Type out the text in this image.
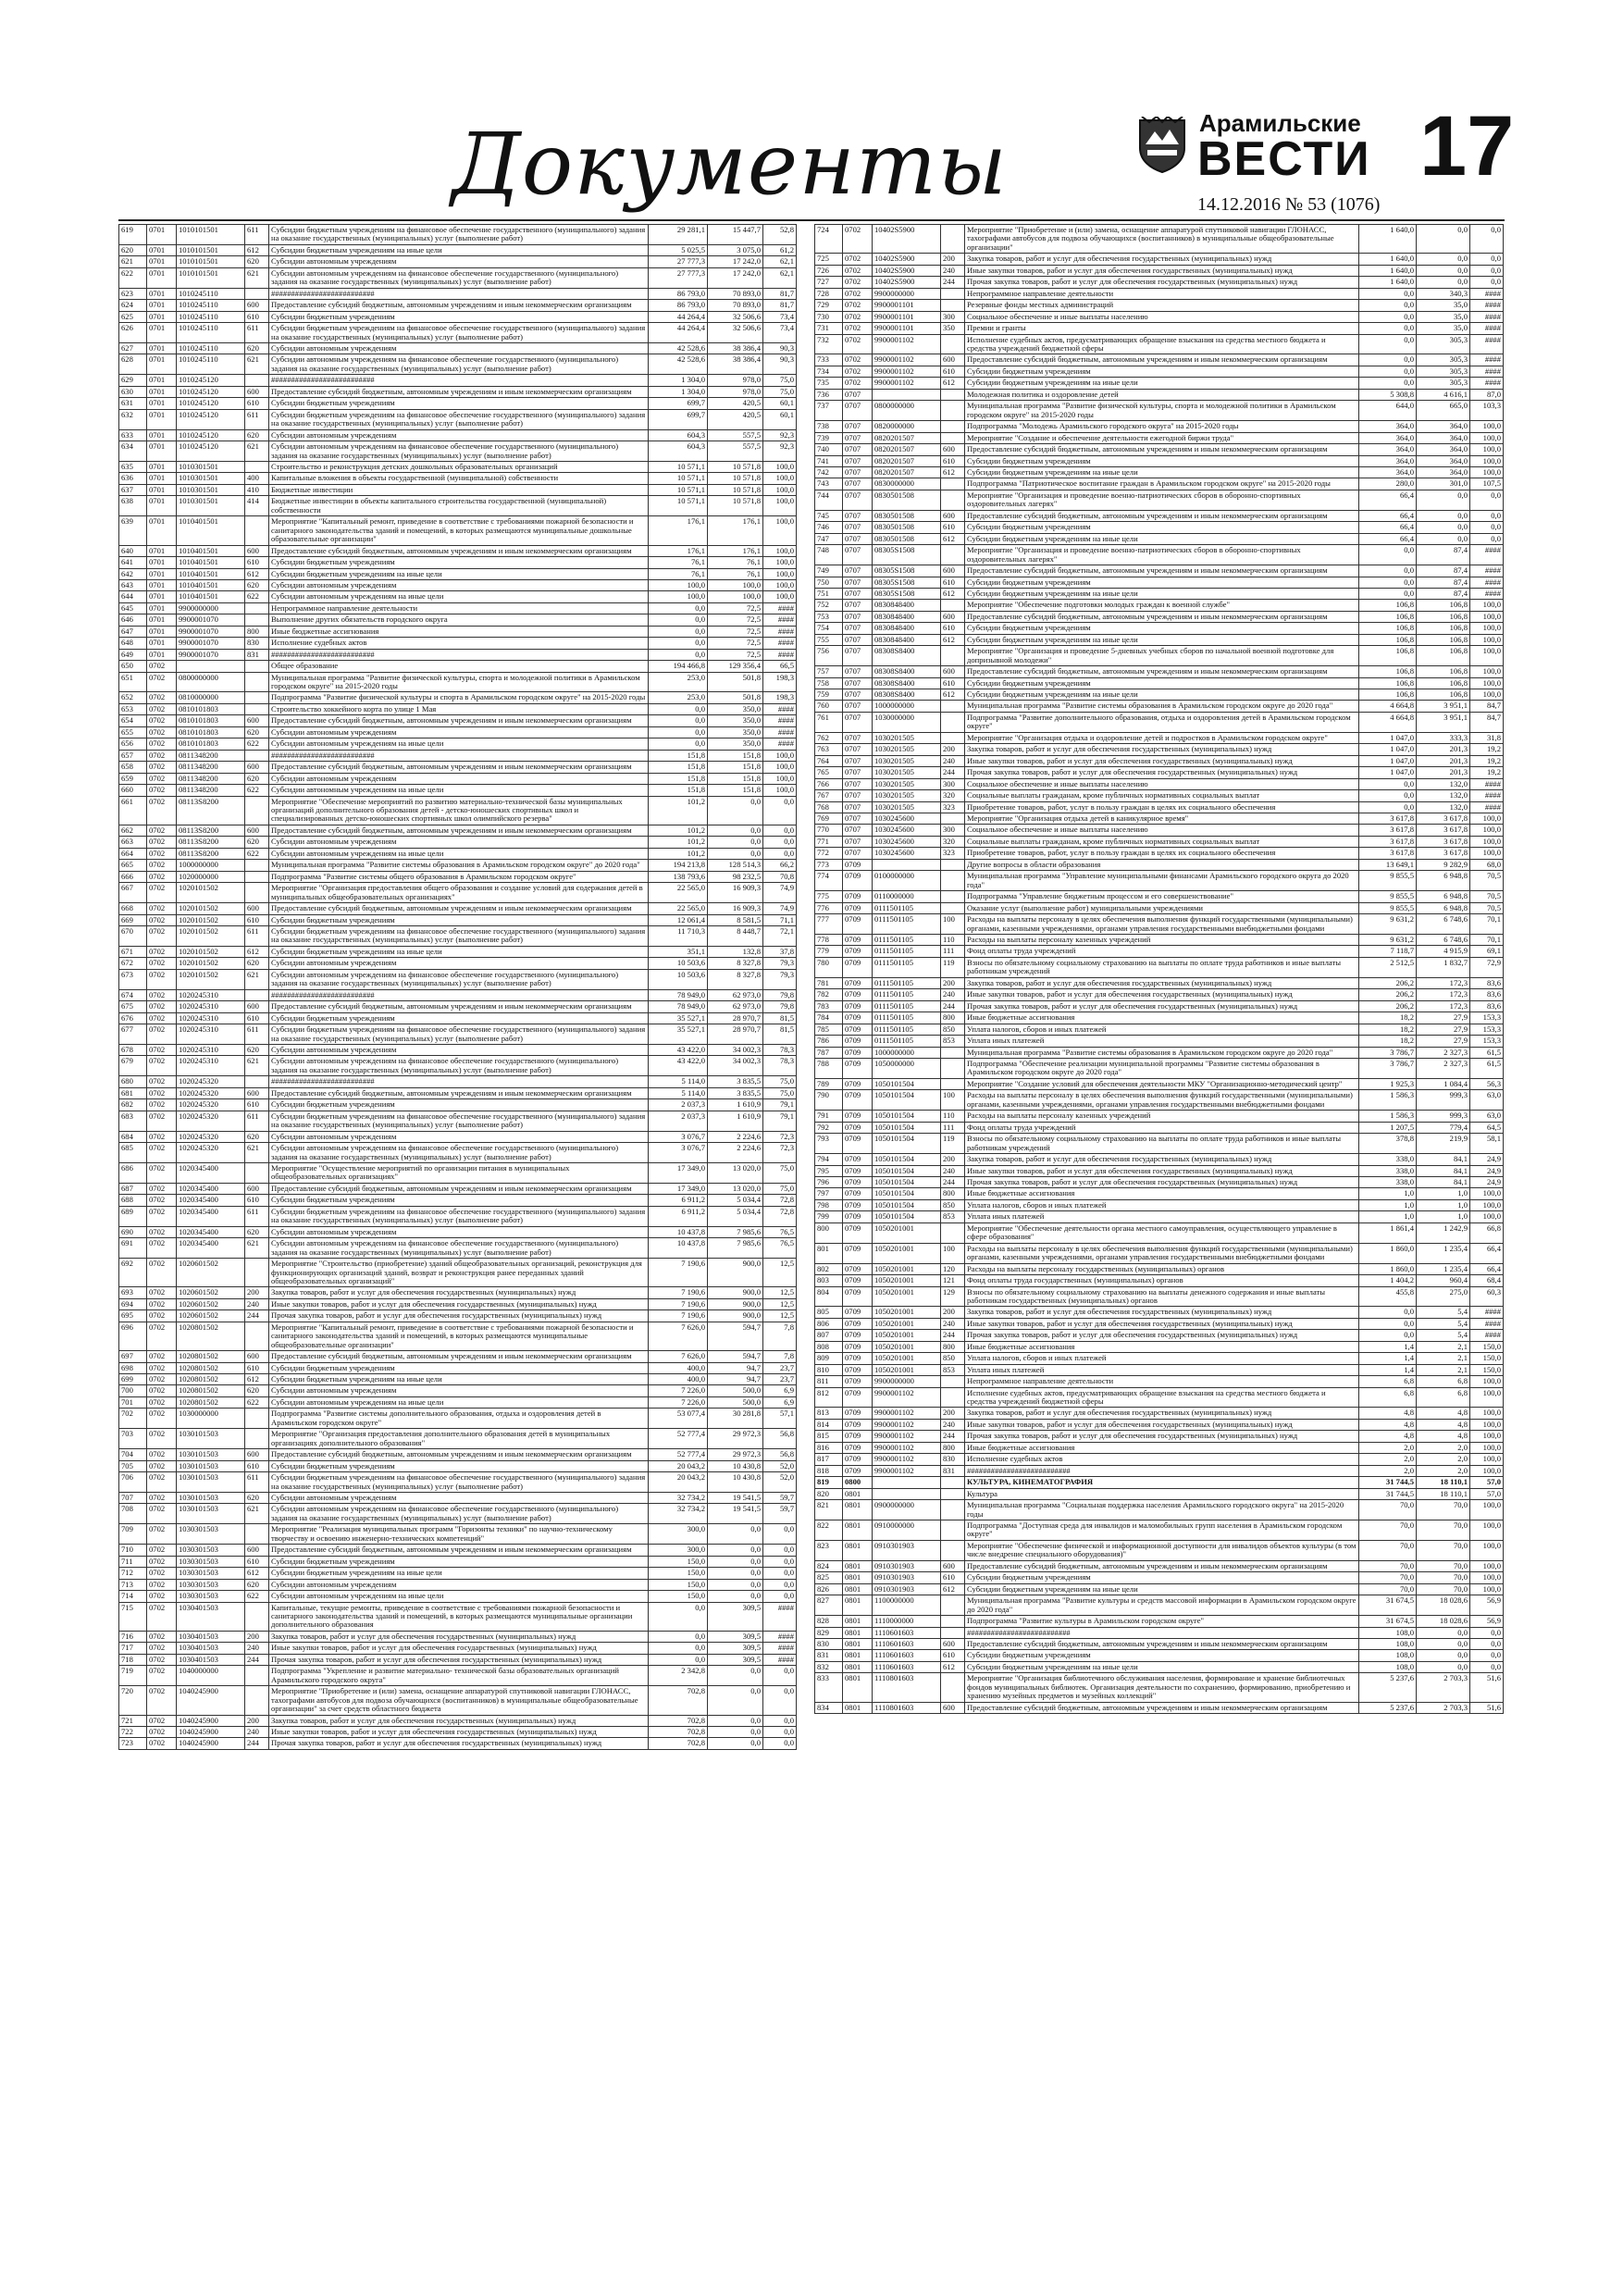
Документы	Арамильские
ВЕСТИ
14.12.2016 № 53 (1076)
17
619	0701	1010101501	611	Субсидии бюджетным учреждениям на финансовое обеспечение государственного (муниципального) задания на оказание государственных (муниципальных) услуг (выполнение работ)	29 281,1	15 447,7	52,8
620	0701	1010101501	612	Субсидии бюджетным учреждениям на иные цели	5 025,5	3 075,0	61,2
621	0701	1010101501	620	Субсидии автономным учреждениям	27 777,3	17 242,0	62,1
622	0701	1010101501	621	Субсидии автономным учреждениям на финансовое обеспечение государственного (муниципального) задания на оказание государственных (муниципальных) услуг (выполнение работ)	27 777,3	17 242,0	62,1
623	0701	1010245110		##########################	86 793,0	70 893,0	81,7
624	0701	1010245110	600	Предоставление субсидий бюджетным, автономным учреждениям и иным некоммерческим организациям	86 793,0	70 893,0	81,7
625	0701	1010245110	610	Субсидии бюджетным учреждениям	44 264,4	32 506,6	73,4
626	0701	1010245110	611	Субсидии бюджетным учреждениям на финансовое обеспечение государственного (муниципального) задания на оказание государственных (муниципальных) услуг (выполнение работ)	44 264,4	32 506,6	73,4
627	0701	1010245110	620	Субсидии автономным учреждениям	42 528,6	38 386,4	90,3
628	0701	1010245110	621	Субсидии автономным учреждениям на финансовое обеспечение государственного (муниципального) задания на оказание государственных (муниципальных) услуг (выполнение работ)	42 528,6	38 386,4	90,3
629	0701	1010245120		##########################	1 304,0	978,0	75,0
630	0701	1010245120	600	Предоставление субсидий бюджетным, автономным учреждениям и иным некоммерческим организациям	1 304,0	978,0	75,0
631	0701	1010245120	610	Субсидии бюджетным учреждениям	699,7	420,5	60,1
632	0701	1010245120	611	Субсидии бюджетным учреждениям на финансовое обеспечение государственного (муниципального) задания на оказание государственных (муниципальных) услуг (выполнение работ)	699,7	420,5	60,1
633	0701	1010245120	620	Субсидии автономным учреждениям	604,3	557,5	92,3
634	0701	1010245120	621	Субсидии автономным учреждениям на финансовое обеспечение государственного (муниципального) задания на оказание государственных (муниципальных) услуг (выполнение работ)	604,3	557,5	92,3
635	0701	1010301501		Строительство и реконструкция детских дошкольных образовательных организаций	10 571,1	10 571,8	100,0
636	0701	1010301501	400	Капитальные вложения в объекты государственной (муниципальной) собственности	10 571,1	10 571,8	100,0
637	0701	1010301501	410	Бюджетные инвестиции	10 571,1	10 571,8	100,0
638	0701	1010301501	414	Бюджетные инвестиции в объекты капитального строительства государственной (муниципальной) собственности	10 571,1	10 571,8	100,0
639	0701	1010401501		Мероприятие "Капитальный ремонт, приведение в соответствие с требованиями пожарной безопасности и санитарного законодательства зданий и помещений, в которых размещаются муниципальные дошкольные образовательные организации"	176,1	176,1	100,0
640	0701	1010401501	600	Предоставление субсидий бюджетным, автономным учреждениям и иным некоммерческим организациям	176,1	176,1	100,0
641	0701	1010401501	610	Субсидии бюджетным учреждениям	76,1	76,1	100,0
642	0701	1010401501	612	Субсидии бюджетным учреждениям на иные цели	76,1	76,1	100,0
643	0701	1010401501	620	Субсидии автономным учреждениям	100,0	100,0	100,0
644	0701	1010401501	622	Субсидии автономным учреждениям на иные цели	100,0	100,0	100,0
645	0701	9900000000		Непрограммное направление деятельности	0,0	72,5	####
646	0701	9900001070		Выполнение других обязательств городского округа	0,0	72,5	####
647	0701	9900001070	800	Иные бюджетные ассигнования	0,0	72,5	####
648	0701	9900001070	830	Исполнение судебных актов	0,0	72,5	####
649	0701	9900001070	831	##########################	0,0	72,5	####
650	0702			Общее образование	194 466,8	129 356,4	66,5
651	0702	0800000000		Муниципальная программа "Развитие физической культуры, спорта и молодежной политики в Арамильском городском округе" на 2015-2020 годы	253,0	501,8	198,3
652	0702	0810000000		Подпрограмма "Развитие физической культуры и спорта в Арамильском городском округе" на 2015-2020 годы	253,0	501,8	198,3
653	0702	0810101803		Строительство хоккейного корта по улице 1 Мая	0,0	350,0	####
654	0702	0810101803	600	Предоставление субсидий бюджетным, автономным учреждениям и иным некоммерческим организациям	0,0	350,0	####
655	0702	0810101803	620	Субсидии автономным учреждениям	0,0	350,0	####
656	0702	0810101803	622	Субсидии автономным учреждениям на иные цели	0,0	350,0	####
657	0702	0811348200		##########################	151,8	151,8	100,0
658	0702	0811348200	600	Предоставление субсидий бюджетным, автономным учреждениям и иным некоммерческим организациям	151,8	151,8	100,0
659	0702	0811348200	620	Субсидии автономным учреждениям	151,8	151,8	100,0
660	0702	0811348200	622	Субсидии автономным учреждениям на иные цели	151,8	151,8	100,0
661	0702	08113S8200		Мероприятие "Обеспечение мероприятий по развитию материально-технической базы муниципальных организаций дополнительного образования детей - детско-юношеских спортивных школ и специализированных детско-юношеских спортивных школ олимпийского резерва"	101,2	0,0	0,0
662	0702	08113S8200	600	Предоставление субсидий бюджетным, автономным учреждениям и иным некоммерческим организациям	101,2	0,0	0,0
663	0702	08113S8200	620	Субсидии автономным учреждениям	101,2	0,0	0,0
664	0702	08113S8200	622	Субсидии автономным учреждениям на иные цели	101,2	0,0	0,0
665	0702	1000000000		Муниципальная программа "Развитие системы образования в Арамильском городском округе" до 2020 года"	194 213,8	128 514,3	66,2
666	0702	1020000000		Подпрограмма "Развитие системы общего образования в Арамильском городском округе"	138 793,6	98 232,5	70,8
667	0702	1020101502		Мероприятие "Организация предоставления общего образования и создание условий для содержания детей в муниципальных общеобразовательных организациях"	22 565,0	16 909,3	74,9
668	0702	1020101502	600	Предоставление субсидий бюджетным, автономным учреждениям и иным некоммерческим организациям	22 565,0	16 909,3	74,9
669	0702	1020101502	610	Субсидии бюджетным учреждениям	12 061,4	8 581,5	71,1
670	0702	1020101502	611	Субсидии бюджетным учреждениям на финансовое обеспечение государственного (муниципального) задания на оказание государственных (муниципальных) услуг (выполнение работ)	11 710,3	8 448,7	72,1
671	0702	1020101502	612	Субсидии бюджетным учреждениям на иные цели	351,1	132,8	37,8
672	0702	1020101502	620	Субсидии автономным учреждениям	10 503,6	8 327,8	79,3
673	0702	1020101502	621	Субсидии автономным учреждениям на финансовое обеспечение государственного (муниципального) задания на оказание государственных (муниципальных) услуг (выполнение работ)	10 503,6	8 327,8	79,3
674	0702	1020245310		##########################	78 949,0	62 973,0	79,8
675	0702	1020245310	600	Предоставление субсидий бюджетным, автономным учреждениям и иным некоммерческим организациям	78 949,0	62 973,0	79,8
676	0702	1020245310	610	Субсидии бюджетным учреждениям	35 527,1	28 970,7	81,5
677	0702	1020245310	611	Субсидии бюджетным учреждениям на финансовое обеспечение государственного (муниципального) задания на оказание государственных (муниципальных) услуг (выполнение работ)	35 527,1	28 970,7	81,5
678	0702	1020245310	620	Субсидии автономным учреждениям	43 422,0	34 002,3	78,3
679	0702	1020245310	621	Субсидии автономным учреждениям на финансовое обеспечение государственного (муниципального) задания на оказание государственных (муниципальных) услуг (выполнение работ)	43 422,0	34 002,3	78,3
680	0702	1020245320		##########################	5 114,0	3 835,5	75,0
681	0702	1020245320	600	Предоставление субсидий бюджетным, автономным учреждениям и иным некоммерческим организациям	5 114,0	3 835,5	75,0
682	0702	1020245320	610	Субсидии бюджетным учреждениям	2 037,3	1 610,9	79,1
683	0702	1020245320	611	Субсидии бюджетным учреждениям на финансовое обеспечение государственного (муниципального) задания на оказание государственных (муниципальных) услуг (выполнение работ)	2 037,3	1 610,9	79,1
684	0702	1020245320	620	Субсидии автономным учреждениям	3 076,7	2 224,6	72,3
685	0702	1020245320	621	Субсидии автономным учреждениям на финансовое обеспечение государственного (муниципального) задания на оказание государственных (муниципальных) услуг (выполнение работ)	3 076,7	2 224,6	72,3
686	0702	1020345400		Мероприятие "Осуществление мероприятий по организации питания в муниципальных общеобразовательных организациях"	17 349,0	13 020,0	75,0
687	0702	1020345400	600	Предоставление субсидий бюджетным, автономным учреждениям и иным некоммерческим организациям	17 349,0	13 020,0	75,0
688	0702	1020345400	610	Субсидии бюджетным учреждениям	6 911,2	5 034,4	72,8
689	0702	1020345400	611	Субсидии бюджетным учреждениям на финансовое обеспечение государственного (муниципального) задания на оказание государственных (муниципальных) услуг (выполнение работ)	6 911,2	5 034,4	72,8
690	0702	1020345400	620	Субсидии автономным учреждениям	10 437,8	7 985,6	76,5
691	0702	1020345400	621	Субсидии автономным учреждениям на финансовое обеспечение государственного (муниципального) задания на оказание государственных (муниципальных) услуг (выполнение работ)	10 437,8	7 985,6	76,5
692	0702	1020601502		Мероприятие "Строительство (приобретение) зданий общеобразовательных организаций, реконструкция для функционирующих организаций зданий, возврат и реконструкция ранее переданных зданий общеобразовательных организаций"	7 190,6	900,0	12,5
693	0702	1020601502	200	Закупка товаров, работ и услуг для обеспечения государственных (муниципальных) нужд	7 190,6	900,0	12,5
694	0702	1020601502	240	Иные закупки товаров, работ и услуг для обеспечения государственных (муниципальных) нужд	7 190,6	900,0	12,5
695	0702	1020601502	244	Прочая закупка товаров, работ и услуг для обеспечения государственных (муниципальных) нужд	7 190,6	900,0	12,5
696	0702	1020801502		Мероприятие "Капитальный ремонт, приведение в соответствие с требованиями пожарной безопасности и санитарного законодательства зданий и помещений, в которых размещаются муниципальные общеобразовательные организации"	7 626,0	594,7	7,8
697	0702	1020801502	600	Предоставление субсидий бюджетным, автономным учреждениям и иным некоммерческим организациям	7 626,0	594,7	7,8
698	0702	1020801502	610	Субсидии бюджетным учреждениям	400,0	94,7	23,7
699	0702	1020801502	612	Субсидии бюджетным учреждениям на иные цели	400,0	94,7	23,7
700	0702	1020801502	620	Субсидии автономным учреждениям	7 226,0	500,0	6,9
701	0702	1020801502	622	Субсидии автономным учреждениям на иные цели	7 226,0	500,0	6,9
702	0702	1030000000		Подпрограмма "Развитие системы дополнительного образования, отдыха и оздоровления детей в Арамильском городском округе"	53 077,4	30 281,8	57,1
703	0702	1030101503		Мероприятие "Организация предоставления дополнительного образования детей в муниципальных организациях дополнительного образования"	52 777,4	29 972,3	56,8
704	0702	1030101503	600	Предоставление субсидий бюджетным, автономным учреждениям и иным некоммерческим организациям	52 777,4	29 972,3	56,8
705	0702	1030101503	610	Субсидии бюджетным учреждениям	20 043,2	10 430,8	52,0
706	0702	1030101503	611	Субсидии бюджетным учреждениям на финансовое обеспечение государственного (муниципального) задания на оказание государственных (муниципальных) услуг (выполнение работ)	20 043,2	10 430,8	52,0
707	0702	1030101503	620	Субсидии автономным учреждениям	32 734,2	19 541,5	59,7
708	0702	1030101503	621	Субсидии автономным учреждениям на финансовое обеспечение государственного (муниципального) задания на оказание государственных (муниципальных) услуг (выполнение работ)	32 734,2	19 541,5	59,7
709	0702	1030301503		Мероприятие "Реализация муниципальных программ "Горизонты техники" по научно-техническому творчеству и освоению инженерно-технических компетенций"	300,0	0,0	0,0
710	0702	1030301503	600	Предоставление субсидий бюджетным, автономным учреждениям и иным некоммерческим организациям	300,0	0,0	0,0
711	0702	1030301503	610	Субсидии бюджетным учреждениям	150,0	0,0	0,0
712	0702	1030301503	612	Субсидии бюджетным учреждениям на иные цели	150,0	0,0	0,0
713	0702	1030301503	620	Субсидии автономным учреждениям	150,0	0,0	0,0
714	0702	1030301503	622	Субсидии автономным учреждениям на иные цели	150,0	0,0	0,0
715	0702	1030401503		Капитальные, текущие ремонты, приведение в соответствие с требованиями пожарной безопасности и санитарного законодательства зданий и помещений, в которых размещаются муниципальные организации дополнительного образования	0,0	309,5	####
716	0702	1030401503	200	Закупка товаров, работ и услуг для обеспечения государственных (муниципальных) нужд	0,0	309,5	####
717	0702	1030401503	240	Иные закупки товаров, работ и услуг для обеспечения государственных (муниципальных) нужд	0,0	309,5	####
718	0702	1030401503	244	Прочая закупка товаров, работ и услуг для обеспечения государственных (муниципальных) нужд	0,0	309,5	####
719	0702	1040000000		Подпрограмма "Укрепление и развитие материально- технической базы образовательных организаций Арамильского городского округа"	2 342,8	0,0	0,0
720	0702	1040245900		Мероприятие "Приобретение и (или) замена, оснащение аппаратурой спутниковой навигации ГЛОНАСС, тахографами автобусов для подвоза обучающихся (воспитанников) в муниципальные общеобразовательные организации" за счет средств областного бюджета	702,8	0,0	0,0
721	0702	1040245900	200	Закупка товаров, работ и услуг для обеспечения государственных (муниципальных) нужд	702,8	0,0	0,0
722	0702	1040245900	240	Иные закупки товаров, работ и услуг для обеспечения государственных (муниципальных) нужд	702,8	0,0	0,0
723	0702	1040245900	244	Прочая закупка товаров, работ и услуг для обеспечения государственных (муниципальных) нужд	702,8	0,0	0,0
724	0702	10402S5900		Мероприятие "Приобретение и (или) замена, оснащение аппаратурой спутниковой навигации ГЛОНАСС, тахографами автобусов для подвоза обучающихся (воспитанников) в муниципальные общеобразовательные организации"	1 640,0	0,0	0,0
725	0702	10402S5900	200	Закупка товаров, работ и услуг для обеспечения государственных (муниципальных) нужд	1 640,0	0,0	0,0
726	0702	10402S5900	240	Иные закупки товаров, работ и услуг для обеспечения государственных (муниципальных) нужд	1 640,0	0,0	0,0
727	0702	10402S5900	244	Прочая закупка товаров, работ и услуг для обеспечения государственных (муниципальных) нужд	1 640,0	0,0	0,0
728	0702	9900000000		Непрограммное направление деятельности	0,0	340,3	####
729	0702	9900001101		Резервные фонды местных администраций	0,0	35,0	####
730	0702	9900001101	300	Социальное обеспечение и иные выплаты населению	0,0	35,0	####
731	0702	9900001101	350	Премии и гранты	0,0	35,0	####
732	0702	9900001102		Исполнение судебных актов, предусматривающих обращение взыскания на средства местного бюджета и средства учреждений бюджетной сферы	0,0	305,3	####
733	0702	9900001102	600	Предоставление субсидий бюджетным, автономным учреждениям и иным некоммерческим организациям	0,0	305,3	####
734	0702	9900001102	610	Субсидии бюджетным учреждениям	0,0	305,3	####
735	0702	9900001102	612	Субсидии бюджетным учреждениям на иные цели	0,0	305,3	####
736	0707			Молодежная политика и оздоровление детей	5 308,8	4 616,1	87,0
737	0707	0800000000		Муниципальная программа "Развитие физической культуры, спорта и молодежной политики в Арамильском городском округе" на 2015-2020 годы	644,0	665,0	103,3
738	0707	0820000000		Подпрограмма "Молодежь Арамильского городского округа" на 2015-2020 годы	364,0	364,0	100,0
739	0707	0820201507		Мероприятие "Создание и обеспечение деятельности ежегодной биржи труда"	364,0	364,0	100,0
740	0707	0820201507	600	Предоставление субсидий бюджетным, автономным учреждениям и иным некоммерческим организациям	364,0	364,0	100,0
741	0707	0820201507	610	Субсидии бюджетным учреждениям	364,0	364,0	100,0
742	0707	0820201507	612	Субсидии бюджетным учреждениям на иные цели	364,0	364,0	100,0
743	0707	0830000000		Подпрограмма "Патриотическое воспитание граждан в Арамильском городском округе" на 2015-2020 годы	280,0	301,0	107,5
744	0707	0830501508		Мероприятие "Организация и проведение военно-патриотических сборов в оборонно-спортивных оздоровительных лагерях"	66,4	0,0	0,0
745	0707	0830501508	600	Предоставление субсидий бюджетным, автономным учреждениям и иным некоммерческим организациям	66,4	0,0	0,0
746	0707	0830501508	610	Субсидии бюджетным учреждениям	66,4	0,0	0,0
747	0707	0830501508	612	Субсидии бюджетным учреждениям на иные цели	66,4	0,0	0,0
748	0707	08305S1508		Мероприятие "Организация и проведение военно-патриотических сборов в оборонно-спортивных оздоровительных лагерях"	0,0	87,4	####
749	0707	08305S1508	600	Предоставление субсидий бюджетным, автономным учреждениям и иным некоммерческим организациям	0,0	87,4	####
750	0707	08305S1508	610	Субсидии бюджетным учреждениям	0,0	87,4	####
751	0707	08305S1508	612	Субсидии бюджетным учреждениям на иные цели	0,0	87,4	####
752	0707	0830848400		Мероприятие "Обеспечение подготовки молодых граждан к военной службе"	106,8	106,8	100,0
753	0707	0830848400	600	Предоставление субсидий бюджетным, автономным учреждениям и иным некоммерческим организациям	106,8	106,8	100,0
754	0707	0830848400	610	Субсидии бюджетным учреждениям	106,8	106,8	100,0
755	0707	0830848400	612	Субсидии бюджетным учреждениям на иные цели	106,8	106,8	100,0
756	0707	08308S8400		Мероприятие "Организация и проведение 5-дневных учебных сборов по начальной военной подготовке для допризывной молодежи"	106,8	106,8	100,0
757	0707	08308S8400	600	Предоставление субсидий бюджетным, автономным учреждениям и иным некоммерческим организациям	106,8	106,8	100,0
758	0707	08308S8400	610	Субсидии бюджетным учреждениям	106,8	106,8	100,0
759	0707	08308S8400	612	Субсидии бюджетным учреждениям на иные цели	106,8	106,8	100,0
760	0707	1000000000		Муниципальная программа "Развитие системы образования в Арамильском городском округе до 2020 года"	4 664,8	3 951,1	84,7
761	0707	1030000000		Подпрограмма "Развитие дополнительного образования, отдыха и оздоровления детей в Арамильском городском округе"	4 664,8	3 951,1	84,7
762	0707	1030201505		Мероприятие "Организация отдыха и оздоровление детей и подростков в Арамильском городском округе"	1 047,0	333,3	31,8
763	0707	1030201505	200	Закупка товаров, работ и услуг для обеспечения государственных (муниципальных) нужд	1 047,0	201,3	19,2
764	0707	1030201505	240	Иные закупки товаров, работ и услуг для обеспечения государственных (муниципальных) нужд	1 047,0	201,3	19,2
765	0707	1030201505	244	Прочая закупка товаров, работ и услуг для обеспечения государственных (муниципальных) нужд	1 047,0	201,3	19,2
766	0707	1030201505	300	Социальное обеспечение и иные выплаты населению	0,0	132,0	####
767	0707	1030201505	320	Социальные выплаты гражданам, кроме публичных нормативных социальных выплат	0,0	132,0	####
768	0707	1030201505	323	Приобретение товаров, работ, услуг в пользу граждан в целях их социального обеспечения	0,0	132,0	####
769	0707	1030245600		Мероприятие "Организация отдыха детей в каникулярное время"	3 617,8	3 617,8	100,0
770	0707	1030245600	300	Социальное обеспечение и иные выплаты населению	3 617,8	3 617,8	100,0
771	0707	1030245600	320	Социальные выплаты гражданам, кроме публичных нормативных социальных выплат	3 617,8	3 617,8	100,0
772	0707	1030245600	323	Приобретение товаров, работ, услуг в пользу граждан в целях их социального обеспечения	3 617,8	3 617,8	100,0
773	0709			Другие вопросы в области образования	13 649,1	9 282,9	68,0
774	0709	0100000000		Муниципальная программа "Управление муниципальными финансами Арамильского городского округа до 2020 года"	9 855,5	6 948,8	70,5
775	0709	0110000000		Подпрограмма "Управление бюджетным процессом и его совершенствование"	9 855,5	6 948,8	70,5
776	0709	0111501105		Оказание услуг (выполнение работ) муниципальными учреждениями	9 855,5	6 948,8	70,5
777	0709	0111501105	100	Расходы на выплаты персоналу в целях обеспечения выполнения функций государственными (муниципальными) органами, казенными учреждениями, органами управления государственными внебюджетными фондами	9 631,2	6 748,6	70,1
778	0709	0111501105	110	Расходы на выплаты персоналу казенных учреждений	9 631,2	6 748,6	70,1
779	0709	0111501105	111	Фонд оплаты труда учреждений	7 118,7	4 915,9	69,1
780	0709	0111501105	119	Взносы по обязательному социальному страхованию на выплаты по оплате труда работников и иные выплаты работникам учреждений	2 512,5	1 832,7	72,9
781	0709	0111501105	200	Закупка товаров, работ и услуг для обеспечения государственных (муниципальных) нужд	206,2	172,3	83,6
782	0709	0111501105	240	Иные закупки товаров, работ и услуг для обеспечения государственных (муниципальных) нужд	206,2	172,3	83,6
783	0709	0111501105	244	Прочая закупка товаров, работ и услуг для обеспечения государственных (муниципальных) нужд	206,2	172,3	83,6
784	0709	0111501105	800	Иные бюджетные ассигнования	18,2	27,9	153,3
785	0709	0111501105	850	Уплата налогов, сборов и иных платежей	18,2	27,9	153,3
786	0709	0111501105	853	Уплата иных платежей	18,2	27,9	153,3
787	0709	1000000000		Муниципальная программа "Развитие системы образования в Арамильском городском округе до 2020 года"	3 786,7	2 327,3	61,5
788	0709	1050000000		Подпрограмма "Обеспечение реализации муниципальной программы "Развитие системы образования в Арамильском городском округе до 2020 года"	3 786,7	2 327,3	61,5
789	0709	1050101504		Мероприятие "Создание условий для обеспечения деятельности МКУ "Организационно-методический центр"	1 925,3	1 084,4	56,3
790	0709	1050101504	100	Расходы на выплаты персоналу в целях обеспечения выполнения функций государственными (муниципальными) органами, казенными учреждениями, органами управления государственными внебюджетными фондами	1 586,3	999,3	63,0
791	0709	1050101504	110	Расходы на выплаты персоналу казенных учреждений	1 586,3	999,3	63,0
792	0709	1050101504	111	Фонд оплаты труда учреждений	1 207,5	779,4	64,5
793	0709	1050101504	119	Взносы по обязательному социальному страхованию на выплаты по оплате труда работников и иные выплаты работникам учреждений	378,8	219,9	58,1
794	0709	1050101504	200	Закупка товаров, работ и услуг для обеспечения государственных (муниципальных) нужд	338,0	84,1	24,9
795	0709	1050101504	240	Иные закупки товаров, работ и услуг для обеспечения государственных (муниципальных) нужд	338,0	84,1	24,9
796	0709	1050101504	244	Прочая закупка товаров, работ и услуг для обеспечения государственных (муниципальных) нужд	338,0	84,1	24,9
797	0709	1050101504	800	Иные бюджетные ассигнования	1,0	1,0	100,0
798	0709	1050101504	850	Уплата налогов, сборов и иных платежей	1,0	1,0	100,0
799	0709	1050101504	853	Уплата иных платежей	1,0	1,0	100,0
800	0709	1050201001		Мероприятие "Обеспечение деятельности органа местного самоуправления, осуществляющего управление в сфере образования"	1 861,4	1 242,9	66,8
801	0709	1050201001	100	Расходы на выплаты персоналу в целях обеспечения выполнения функций государственными (муниципальными) органами, казенными учреждениями, органами управления государственными внебюджетными фондами	1 860,0	1 235,4	66,4
802	0709	1050201001	120	Расходы на выплаты персоналу государственных (муниципальных) органов	1 860,0	1 235,4	66,4
803	0709	1050201001	121	Фонд оплаты труда государственных (муниципальных) органов	1 404,2	960,4	68,4
804	0709	1050201001	129	Взносы по обязательному социальному страхованию на выплаты денежного содержания и иные выплаты работникам государственных (муниципальных) органов	455,8	275,0	60,3
805	0709	1050201001	200	Закупка товаров, работ и услуг для обеспечения государственных (муниципальных) нужд	0,0	5,4	####
806	0709	1050201001	240	Иные закупки товаров, работ и услуг для обеспечения государственных (муниципальных) нужд	0,0	5,4	####
807	0709	1050201001	244	Прочая закупка товаров, работ и услуг для обеспечения государственных (муниципальных) нужд	0,0	5,4	####
808	0709	1050201001	800	Иные бюджетные ассигнования	1,4	2,1	150,0
809	0709	1050201001	850	Уплата налогов, сборов и иных платежей	1,4	2,1	150,0
810	0709	1050201001	853	Уплата иных платежей	1,4	2,1	150,0
811	0709	9900000000		Непрограммное направление деятельности	6,8	6,8	100,0
812	0709	9900001102		Исполнение судебных актов, предусматривающих обращение взыскания на средства местного бюджета и средства учреждений бюджетной сферы	6,8	6,8	100,0
813	0709	9900001102	200	Закупка товаров, работ и услуг для обеспечения государственных (муниципальных) нужд	4,8	4,8	100,0
814	0709	9900001102	240	Иные закупки товаров, работ и услуг для обеспечения государственных (муниципальных) нужд	4,8	4,8	100,0
815	0709	9900001102	244	Прочая закупка товаров, работ и услуг для обеспечения государственных (муниципальных) нужд	4,8	4,8	100,0
816	0709	9900001102	800	Иные бюджетные ассигнования	2,0	2,0	100,0
817	0709	9900001102	830	Исполнение судебных актов	2,0	2,0	100,0
818	0709	9900001102	831	##########################	2,0	2,0	100,0
819	0800			КУЛЬТУРА, КИНЕМАТОГРАФИЯ	31 744,5	18 110,1	57,0
820	0801			Культура	31 744,5	18 110,1	57,0
821	0801	0900000000		Муниципальная программа "Социальная поддержка населения Арамильского городского округа" на 2015-2020 годы	70,0	70,0	100,0
822	0801	0910000000		Подпрограмма "Доступная среда для инвалидов и маломобильных групп населения в Арамильском городском округе"	70,0	70,0	100,0
823	0801	0910301903		Мероприятие "Обеспечение физической и информационной доступности для инвалидов объектов культуры (в том числе внедрение специального оборудования)"	70,0	70,0	100,0
824	0801	0910301903	600	Предоставление субсидий бюджетным, автономным учреждениям и иным некоммерческим организациям	70,0	70,0	100,0
825	0801	0910301903	610	Субсидии бюджетным учреждениям	70,0	70,0	100,0
826	0801	0910301903	612	Субсидии бюджетным учреждениям на иные цели	70,0	70,0	100,0
827	0801	1100000000		Муниципальная программа "Развитие культуры и средств массовой информации в Арамильском городском округе до 2020 года"	31 674,5	18 028,6	56,9
828	0801	1110000000		Подпрограмма "Развитие культуры в Арамильском городском округе"	31 674,5	18 028,6	56,9
829	0801	1110601603		##########################	108,0	0,0	0,0
830	0801	1110601603	600	Предоставление субсидий бюджетным, автономным учреждениям и иным некоммерческим организациям	108,0	0,0	0,0
831	0801	1110601603	610	Субсидии бюджетным учреждениям	108,0	0,0	0,0
832	0801	1110601603	612	Субсидии бюджетным учреждениям на иные цели	108,0	0,0	0,0
833	0801	1110801603		Мероприятие "Организация библиотечного обслуживания населения, формирование и хранение библиотечных фондов муниципальных библиотек. Организация деятельности по сохранению, формированию, приобретению и хранению музейных предметов и музейных коллекций"	5 237,6	2 703,3	51,6
834	0801	1110801603	600	Предоставление субсидий бюджетным, автономным учреждениям и иным некоммерческим организациям	5 237,6	2 703,3	51,6
